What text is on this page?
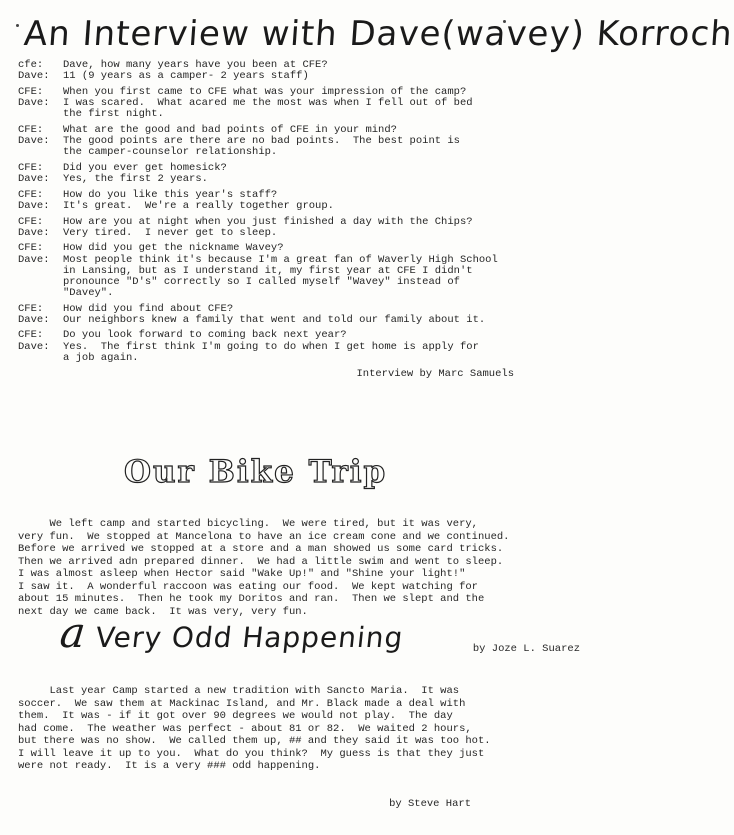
An Interview with Dave(wavey) Korroch
cfe:	Dave, how many years have you been at CFE?
Dave:	11 (9 years as a camper- 2 years staff)
CFE:	When you first came to CFE what was your impression of the camp?
Dave:	I was scared.  What acared me the most was when I fell out of bed
the first night.
CFE:	What are the good and bad points of CFE in your mind?
Dave:	The good points are there are no bad points.  The best point is
the camper-counselor relationship.
CFE:	Did you ever get homesick?
Dave:	Yes, the first 2 years.
CFE:	How do you like this year's staff?
Dave:	It's great.  We're a really together group.
CFE:	How are you at night when you just finished a day with the Chips?
Dave:	Very tired.  I never get to sleep.
CFE:	How did you get the nickname Wavey?
Dave:	Most people think it's because I'm a great fan of Waverly High School
in Lansing, but as I understand it, my first year at CFE I didn't
pronounce "D's" correctly so I called myself "Wavey" instead of
"Davey".
CFE:	How did you find about CFE?
Dave:	Our neighbors knew a family that went and told our family about it.
CFE:	Do you look forward to coming back next year?
Dave:	Yes.  The first think I'm going to do when I get home is apply for
a job again.
Interview by Marc Samuels
Our Bike Trip

We left camp and started bicycling.  We were tired, but it was very,
very fun.  We stopped at Mancelona to have an ice cream cone and we continued.
Before we arrived we stopped at a store and a man showed us some card tricks.
Then we arrived adn prepared dinner.  We had a little swim and went to sleep.
I was almost asleep when Hector said "Wake Up!" and "Shine your light!"
I saw it.  A wonderful raccoon was eating our food.  We kept watching for
about 15 minutes.  Then he took my Doritos and ran.  Then we slept and the
next day we came back.  It was very, very fun.

by Joze L. Suarez

a Very Odd Happening

Last year Camp started a new tradition with Sancto Maria.  It was
soccer.  We saw them at Mackinac Island, and Mr. Black made a deal with
them.  It was - if it got over 90 degrees we would not play.  The day
had come.  The weather was perfect - about 81 or 82.  We waited 2 hours,
but there was no show.  We called them up, ## and they said it was too hot.
I will leave it up to you.  What do you think?  My guess is that they just
were not ready.  It is a very ### odd happening.

by Steve Hart
